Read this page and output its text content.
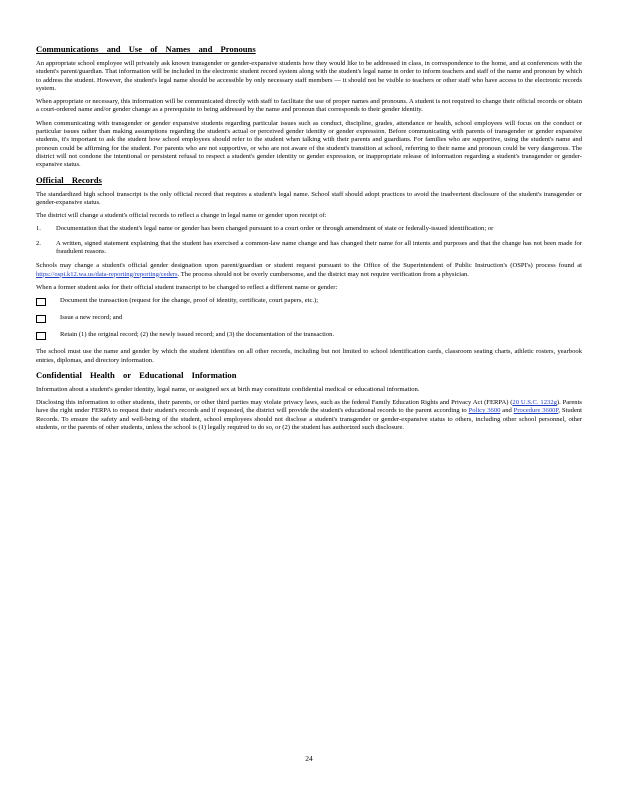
Communications and Use of Names and Pronouns

An appropriate school employee will privately ask known transgender or gender-expansive students how they would like to be addressed in class, in correspondence to the home, and at conferences with the student's parent/guardian. That information will be included in the electronic student record system along with the student's legal name in order to inform teachers and staff of the name and pronoun by which to address the student. However, the student's legal name should be accessible by only necessary staff members — it should not be visible to teachers or other staff who have access to the electronic records system.

When appropriate or necessary, this information will be communicated directly with staff to facilitate the use of proper names and pronouns. A student is not required to change their official records or obtain a court-ordered name and/or gender change as a prerequisite to being addressed by the name and pronoun that corresponds to their gender identity.

When communicating with transgender or gender expansive students regarding particular issues such as conduct, discipline, grades, attendance or health, school employees will focus on the conduct or particular issues rather than making assumptions regarding the student's actual or perceived gender identity or gender expression. Before communicating with parents of transgender or gender expansive students, it's important to ask the student how school employees should refer to the student when talking with their parents and guardians. For families who are supportive, using the student's name and pronoun could be affirming for the student. For parents who are not supportive, or who are not aware of the student's transition at school, referring to their name and pronoun could be very dangerous. The district will not condone the intentional or persistent refusal to respect a student's gender identity or gender expression, or inappropriate release of information regarding a student's transgender or gender-expansive status.

Official Records

The standardized high school transcript is the only official record that requires a student's legal name. School staff should adopt practices to avoid the inadvertent disclosure of the student's transgender or gender-expansive status.

The district will change a student's official records to reflect a change in legal name or gender upon receipt of:

1.	Documentation that the student's legal name or gender has been changed pursuant to a court order or through amendment of state or federally-issued identification; or
2.	A written, signed statement explaining that the student has exercised a common-law name change and has changed their name for all intents and purposes and that the change has not been made for fraudulent reasons.

Schools may change a student's official gender designation upon parent/guardian or student request pursuant to the Office of the Superintendent of Public Instruction's (OSPI's) process found at https://ospi.k12.wa.us/data-reporting/reporting/ceders. The process should not be overly cumbersome, and the district may not require verification from a physician.

When a former student asks for their official student transcript to be changed to reflect a different name or gender:

Document the transaction (request for the change, proof of identity, certificate, court papers, etc.);
Issue a new record; and
Retain (1) the original record; (2) the newly issued record; and (3) the documentation of the transaction.

The school must use the name and gender by which the student identifies on all other records, including but not limited to school identification cards, classroom seating charts, athletic rosters, yearbook entries, diplomas, and directory information.

Confidential Health or Educational Information

Information about a student's gender identity, legal name, or assigned sex at birth may constitute confidential medical or educational information.

Disclosing this information to other students, their parents, or other third parties may violate privacy laws, such as the federal Family Education Rights and Privacy Act (FERPA) (20 U.S.C. 1232g). Parents have the right under FERPA to request their student's records and if requested, the district will provide the student's educational records to the parent according to Policy 3600 and Procedure 3600P, Student Records. To ensure the safety and well-being of the student, school employees should not disclose a student's transgender or gender-expansive status to others, including other school personnel, other students, or the parents of other students, unless the school is (1) legally required to do so, or (2) the student has authorized such disclosure.

24
